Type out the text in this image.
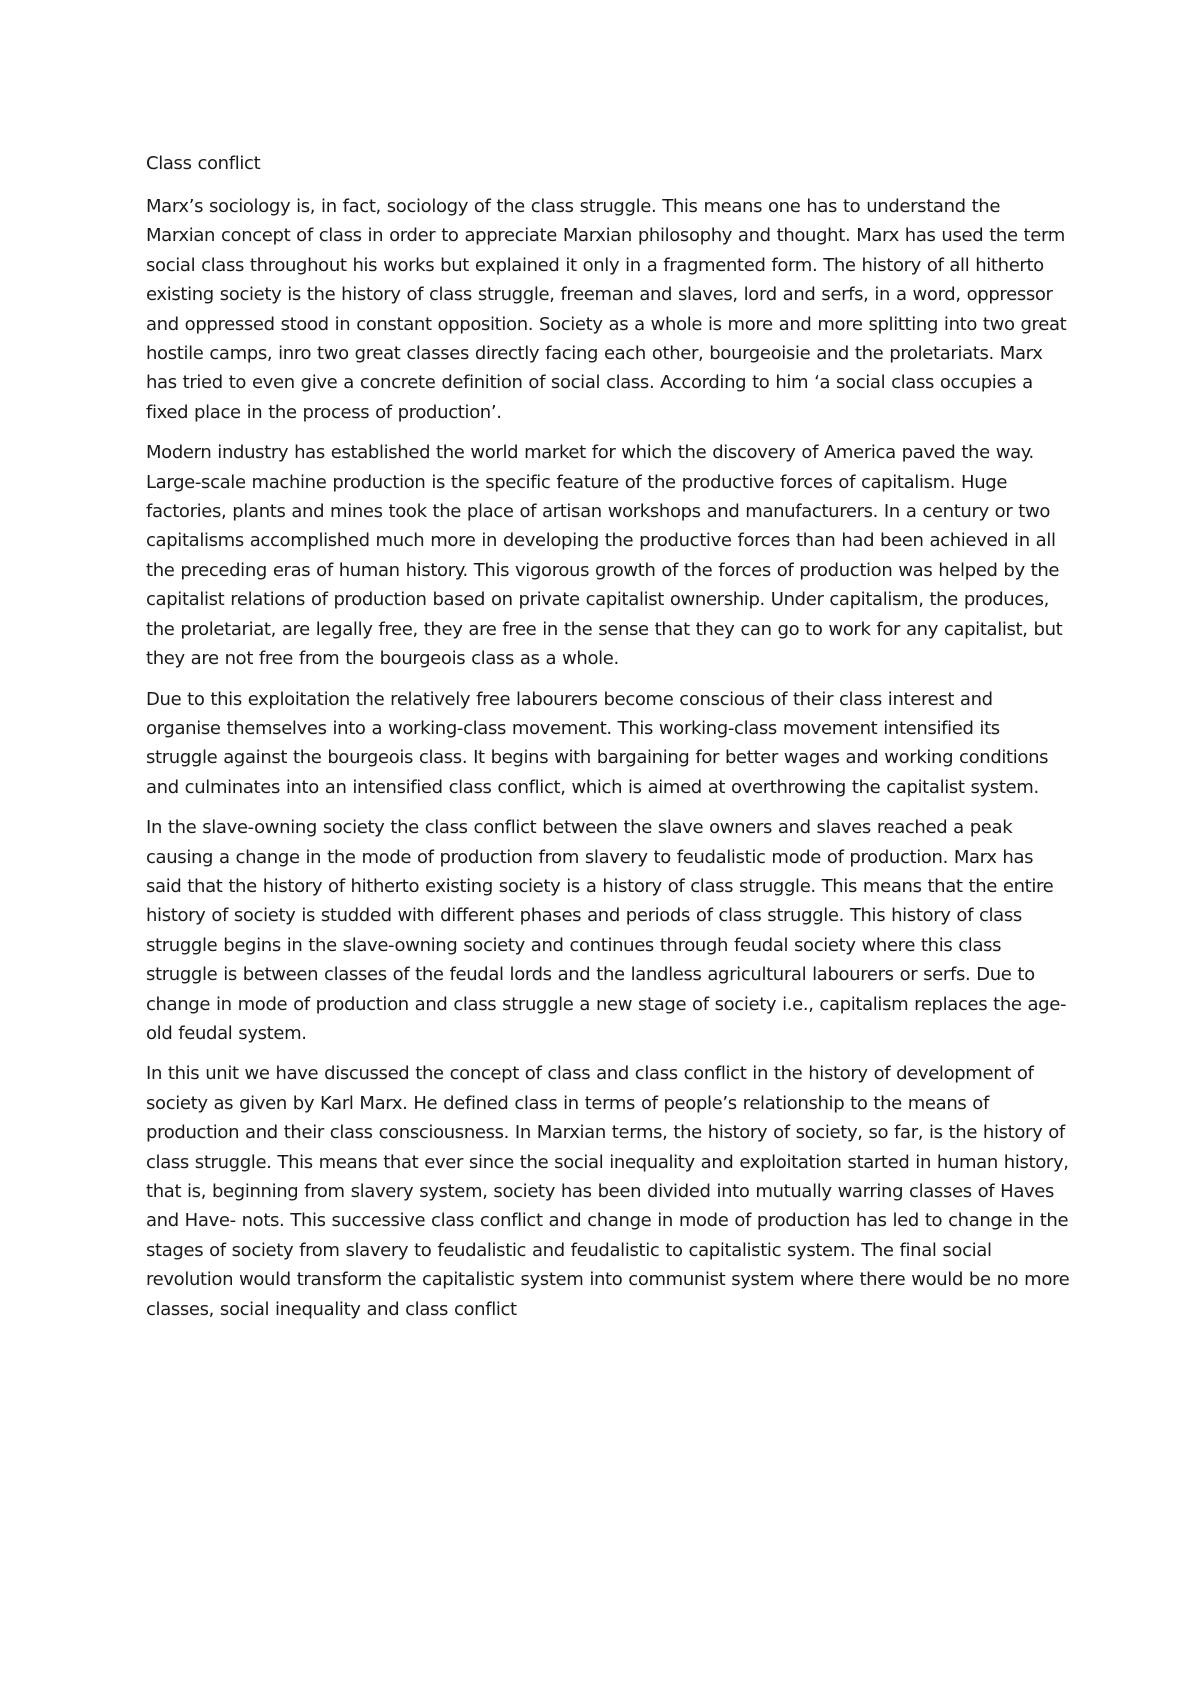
Class conflict

Marx’s sociology is, in fact, sociology of the class struggle. This means one has to understand the Marxian concept of class in order to appreciate Marxian philosophy and thought. Marx has used the term social class throughout his works but explained it only in a fragmented form. The history of all hitherto existing society is the history of class struggle, freeman and slaves, lord and serfs, in a word, oppressor and oppressed stood in constant opposition. Society as a whole is more and more splitting into two great hostile camps, inro two great classes directly facing each other, bourgeoisie and the proletariats. Marx has tried to even give a concrete definition of social class. According to him ‘a social class occupies a fixed place in the process of production’.

Modern industry has established the world market for which the discovery of America paved the way. Large-scale machine production is the specific feature of the productive forces of capitalism. Huge factories, plants and mines took the place of artisan workshops and manufacturers. In a century or two capitalisms accomplished much more in developing the productive forces than had been achieved in all the preceding eras of human history. This vigorous growth of the forces of production was helped by the capitalist relations of production based on private capitalist ownership. Under capitalism, the produces, the proletariat, are legally free, they are free in the sense that they can go to work for any capitalist, but they are not free from the bourgeois class as a whole.

Due to this exploitation the relatively free labourers become conscious of their class interest and organise themselves into a working-class movement. This working-class movement intensified its struggle against the bourgeois class. It begins with bargaining for better wages and working conditions and culminates into an intensified class conflict, which is aimed at overthrowing the capitalist system.

In the slave-owning society the class conflict between the slave owners and slaves reached a peak causing a change in the mode of production from slavery to feudalistic mode of production. Marx has said that the history of hitherto existing society is a history of class struggle. This means that the entire history of society is studded with different phases and periods of class struggle. This history of class struggle begins in the slave-owning society and continues through feudal society where this class struggle is between classes of the feudal lords and the landless agricultural labourers or serfs. Due to change in mode of production and class struggle a new stage of society i.e., capitalism replaces the age-old feudal system.

In this unit we have discussed the concept of class and class conflict in the history of development of society as given by Karl Marx. He defined class in terms of people’s relationship to the means of production and their class consciousness. In Marxian terms, the history of society, so far, is the history of class struggle. This means that ever since the social inequality and exploitation started in human history, that is, beginning from slavery system, society has been divided into mutually warring classes of Haves and Have- nots. This successive class conflict and change in mode of production has led to change in the stages of society from slavery to feudalistic and feudalistic to capitalistic system. The final social revolution would transform the capitalistic system into communist system where there would be no more classes, social inequality and class conflict
